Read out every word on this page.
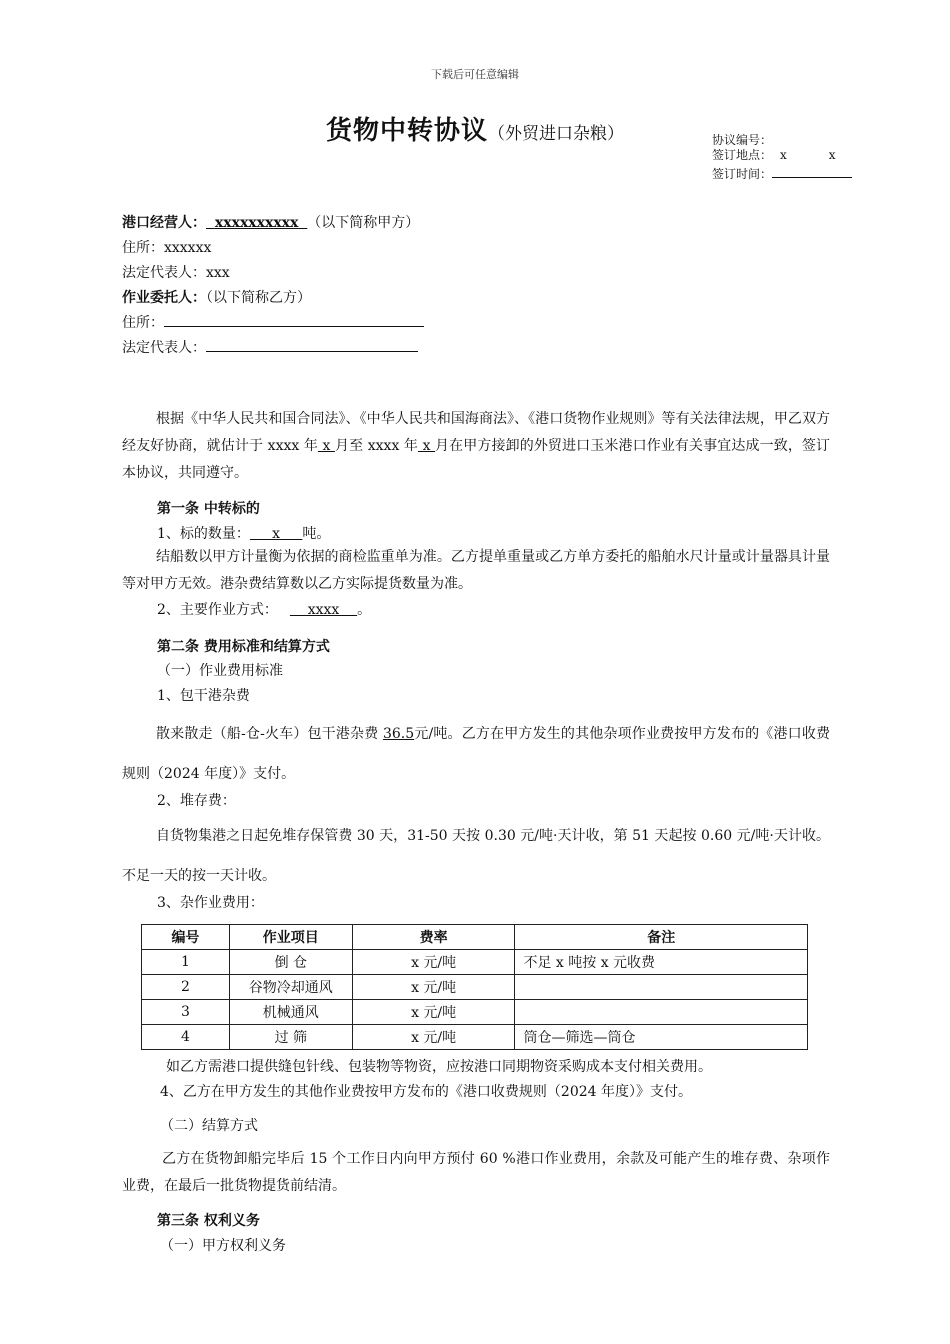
下载后可任意编辑
货物中转协议（外贸进口杂粮）	协议编号：
签订地点： x	x
签订时间：
港口经营人： xxxxxxxxxx （以下简称甲方）
住所：xxxxxx
法定代表人：xxx
作业委托人：（以下简称乙方）
住所：
法定代表人：
根据《中华人民共和国合同法》、《中华人民共和国海商法》、《港口货物作业规则》等有关法律法规，甲乙双方经友好协商，就估计于 xxxx 年 x 月至 xxxx 年 x 月在甲方接卸的外贸进口玉米港口作业有关事宜达成一致，签订本协议，共同遵守。
第一条 中转标的
1、标的数量：     x     吨。
结船数以甲方计量衡为依据的商检监重单为准。乙方提单重量或乙方单方委托的船舶水尺计量或计量器具计量等对甲方无效。港杂费结算数以乙方实际提货数量为准。
2、主要作业方式：    xxxx    。
第二条 费用标准和结算方式
（一）作业费用标准
1、包干港杂费
散来散走（船-仓-火车）包干港杂费 36.5元/吨。乙方在甲方发生的其他杂项作业费按甲方发布的《港口收费规则（2024 年度）》支付。
2、堆存费：
自货物集港之日起免堆存保管费 30 天，31-50 天按 0.30 元/吨·天计收，第 51 天起按 0.60 元/吨·天计收。不足一天的按一天计收。
3、杂作业费用：
编号	作业项目	费率	备注
1	倒 仓	x 元/吨	不足 x 吨按 x 元收费
2	谷物冷却通风	x 元/吨	
3	机械通风	x 元/吨	
4	过 筛	x 元/吨	筒仓—筛选—筒仓
如乙方需港口提供缝包针线、包装物等物资，应按港口同期物资采购成本支付相关费用。
4、乙方在甲方发生的其他作业费按甲方发布的《港口收费规则（2024 年度）》支付。
（二）结算方式
乙方在货物卸船完毕后 15 个工作日内向甲方预付 60 %港口作业费用，余款及可能产生的堆存费、杂项作业费，在最后一批货物提货前结清。
第三条 权利义务
（一）甲方权利义务
